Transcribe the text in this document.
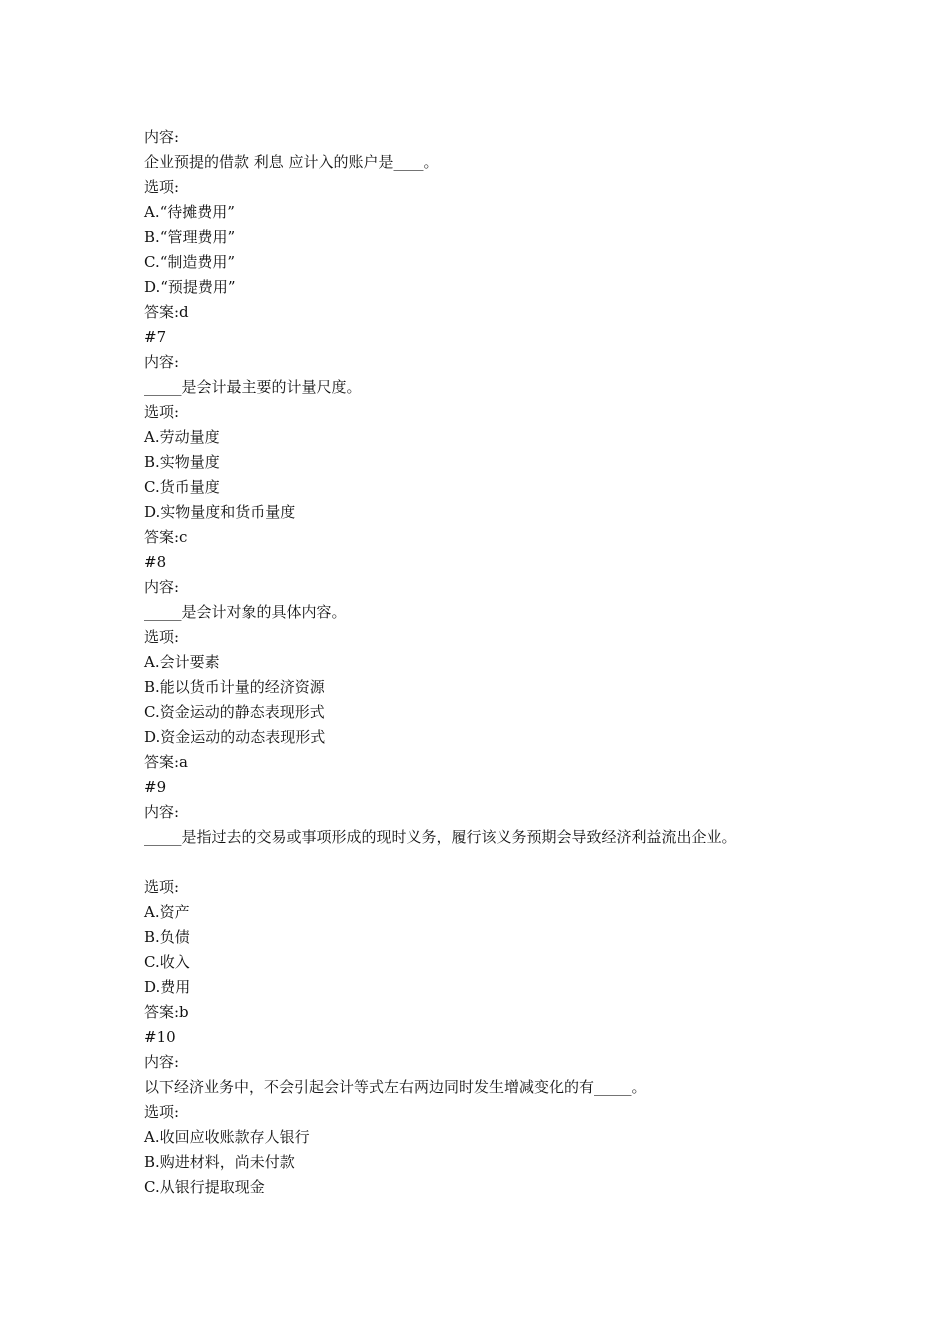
内容:

企业预提的借款 利息 应计入的账户是____。

选项:

A.“待摊费用”

B.“管理费用”

C.“制造费用”

D.“预提费用”

答案:d

#7

内容:

_____是会计最主要的计量尺度。

选项:

A.劳动量度

B.实物量度

C.货币量度

D.实物量度和货币量度

答案:c

#8

内容:

_____是会计对象的具体内容。

选项:

A.会计要素

B.能以货币计量的经济资源

C.资金运动的静态表现形式

D.资金运动的动态表现形式

答案:a

#9

内容:

_____是指过去的交易或事项形成的现时义务，履行该义务预期会导致经济利益流出企业。

选项:

A.资产

B.负债

C.收入

D.费用

答案:b

#10

内容:

以下经济业务中，不会引起会计等式左右两边同时发生增减变化的有_____。

选项:

A.收回应收账款存人银行

B.购进材料，尚未付款

C.从银行提取现金
